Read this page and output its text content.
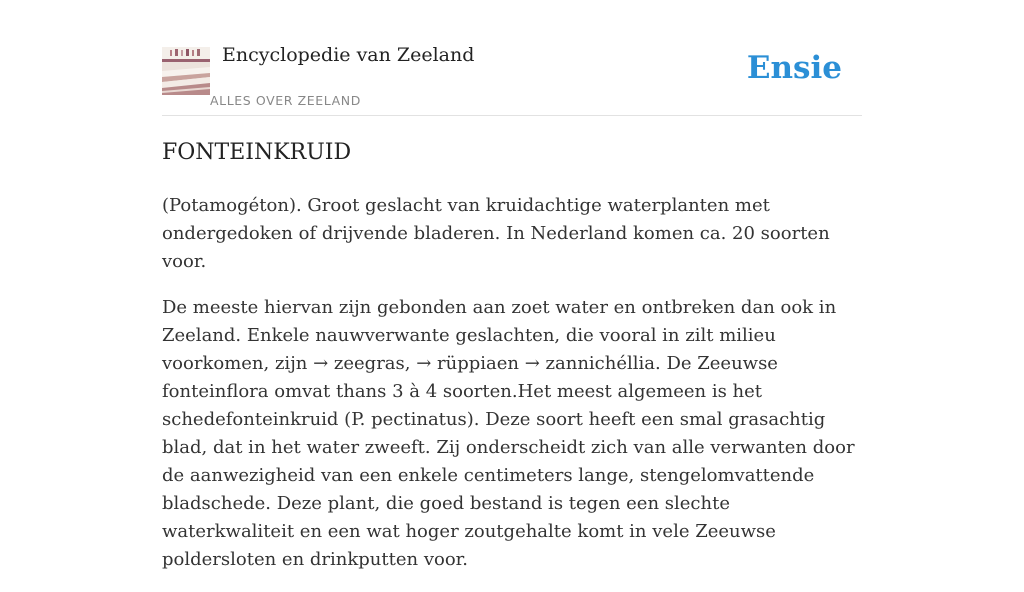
Encyclopedie van Zeeland
ALLES OVER ZEELAND
Ensie
FONTEINKRUID

(Potamogéton). Groot geslacht van kruidachtige waterplanten met ondergedoken of drijvende bladeren. In Nederland komen ca. 20 soorten voor.

De meeste hiervan zijn gebonden aan zoet water en ontbreken dan ook in Zeeland. Enkele nauwverwante geslachten, die vooral in zilt milieu voorkomen, zijn → zeegras, → rüppiaen → zannichéllia. De Zeeuwse fonteinflora omvat thans 3 à 4 soorten.Het meest algemeen is het schedefonteinkruid (P. pectinatus). Deze soort heeft een smal grasachtig blad, dat in het water zweeft. Zij onderscheidt zich van alle verwanten door de aanwezigheid van een enkele centimeters lange, stengelomvattende bladschede. Deze plant, die goed bestand is tegen een slechte waterkwaliteit en een wat hoger zoutgehalte komt in vele Zeeuwse poldersloten en drinkputten voor.
